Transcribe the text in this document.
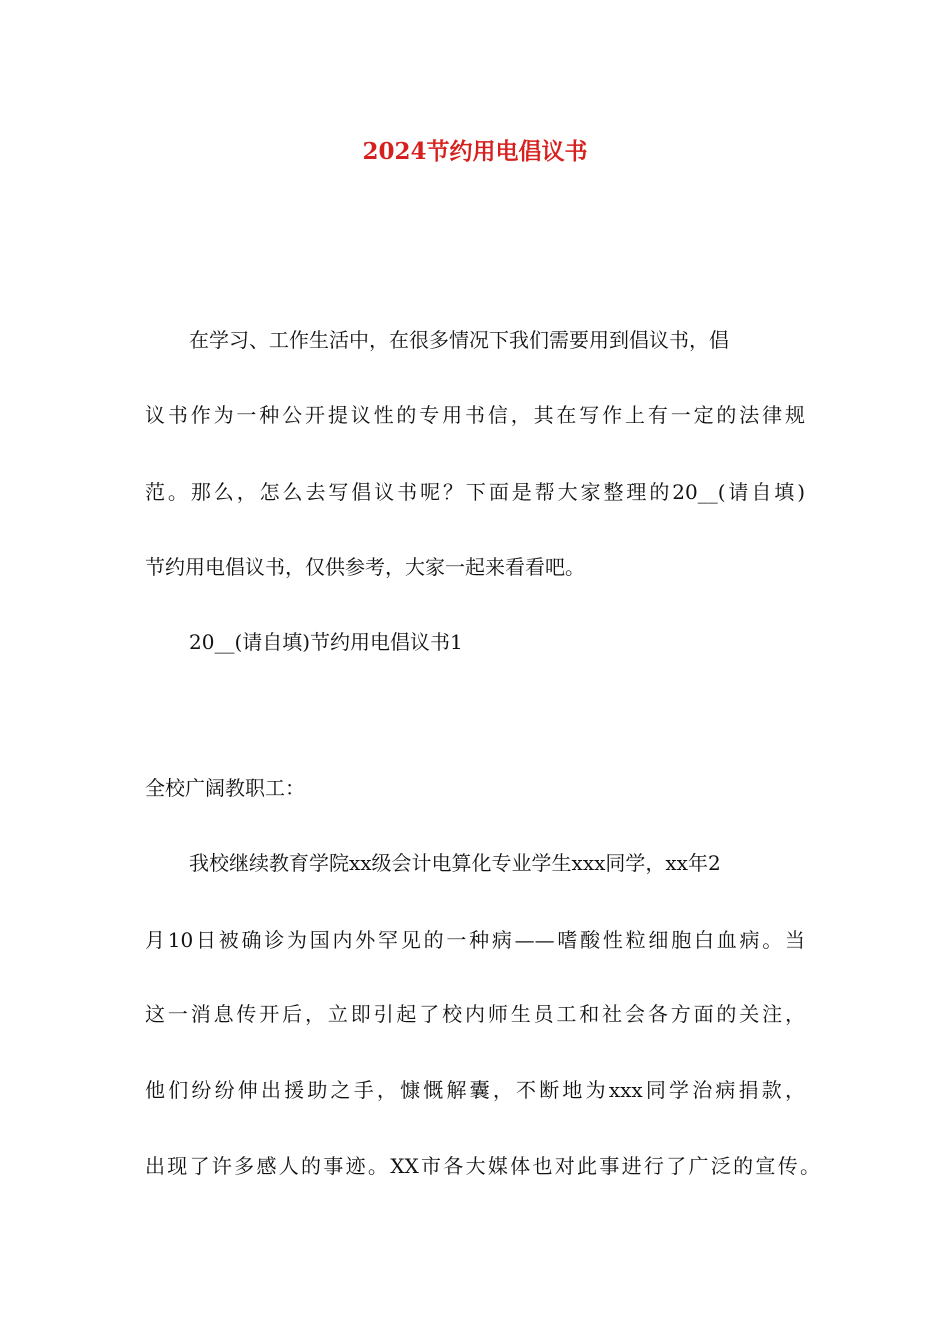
2024节约用电倡议书
在学习、工作生活中，在很多情况下我们需要用到倡议书，倡
议书作为一种公开提议性的专用书信，其在写作上有一定的法律规
范。那么，怎么去写倡议书呢？下面是帮大家整理的20__(请自填)
节约用电倡议书，仅供参考，大家一起来看看吧。
20__(请自填)节约用电倡议书1
全校广阔教职工：
我校继续教育学院xx级会计电算化专业学生xxx同学，xx年2
月10日被确诊为国内外罕见的一种病——嗜酸性粒细胞白血病。当
这一消息传开后，立即引起了校内师生员工和社会各方面的关注，
他们纷纷伸出援助之手，慷慨解囊，不断地为xxx同学治病捐款，
出现了许多感人的事迹。XX市各大媒体也对此事进行了广泛的宣传。
